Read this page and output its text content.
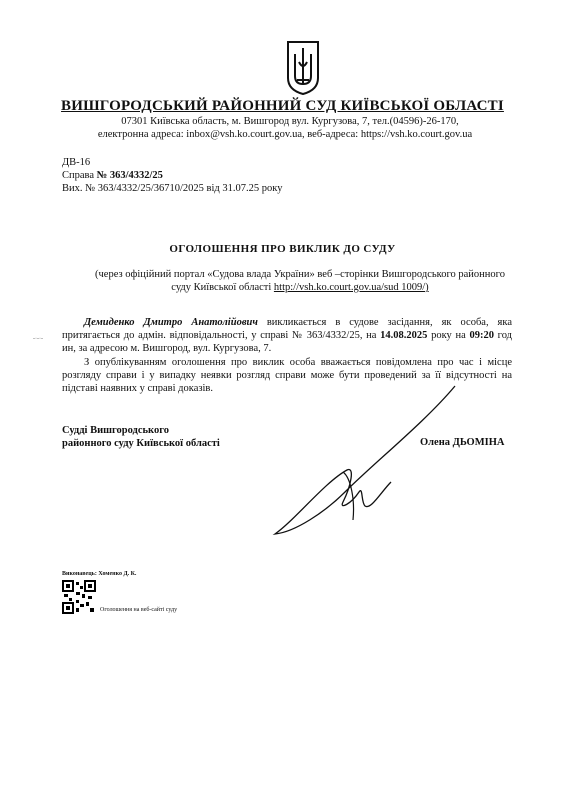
ВИШГОРОДСЬКИЙ РАЙОННИЙ СУД КИЇВСЬКОЇ ОБЛАСТІ
07301 Київська область, м. Вишгород вул. Кургузова, 7, тел.(04596)-26-170,
електронна адреса: inbox@vsh.ko.court.gov.ua, веб-адреса: https://vsh.ko.court.gov.ua
ДВ-16
Справа № 363/4332/25
Вих. № 363/4332/25/36710/2025 від 31.07.25 року
ОГОЛОШЕННЯ ПРО ВИКЛИК ДО СУДУ
(через офіційний портал «Судова влада України» веб –сторінки Вишгородського районного суду Київської області http://vsh.ko.court.gov.ua/sud 1009/)
-·-·-
Демиденко Дмитро Анатолійович викликається в судове засідання, як особа, яка притягається до адмін. відповідальності, у справі № 363/4332/25, на 14.08.2025 року на 09:20 год ин, за адресою м. Вишгород, вул. Кургузова, 7.
З опублікуванням оголошення про виклик особа вважається повідомлена про час і місце розгляду справи і у випадку неявки розгляд справи може бути проведений за її відсутності на підставі наявних у справі доказів.
Судді Вишгородського
районного суду Київської області	Олена ДЬОМІНА
Виконавець: Хоменко Д. К.
Оголошення на веб-сайті суду
